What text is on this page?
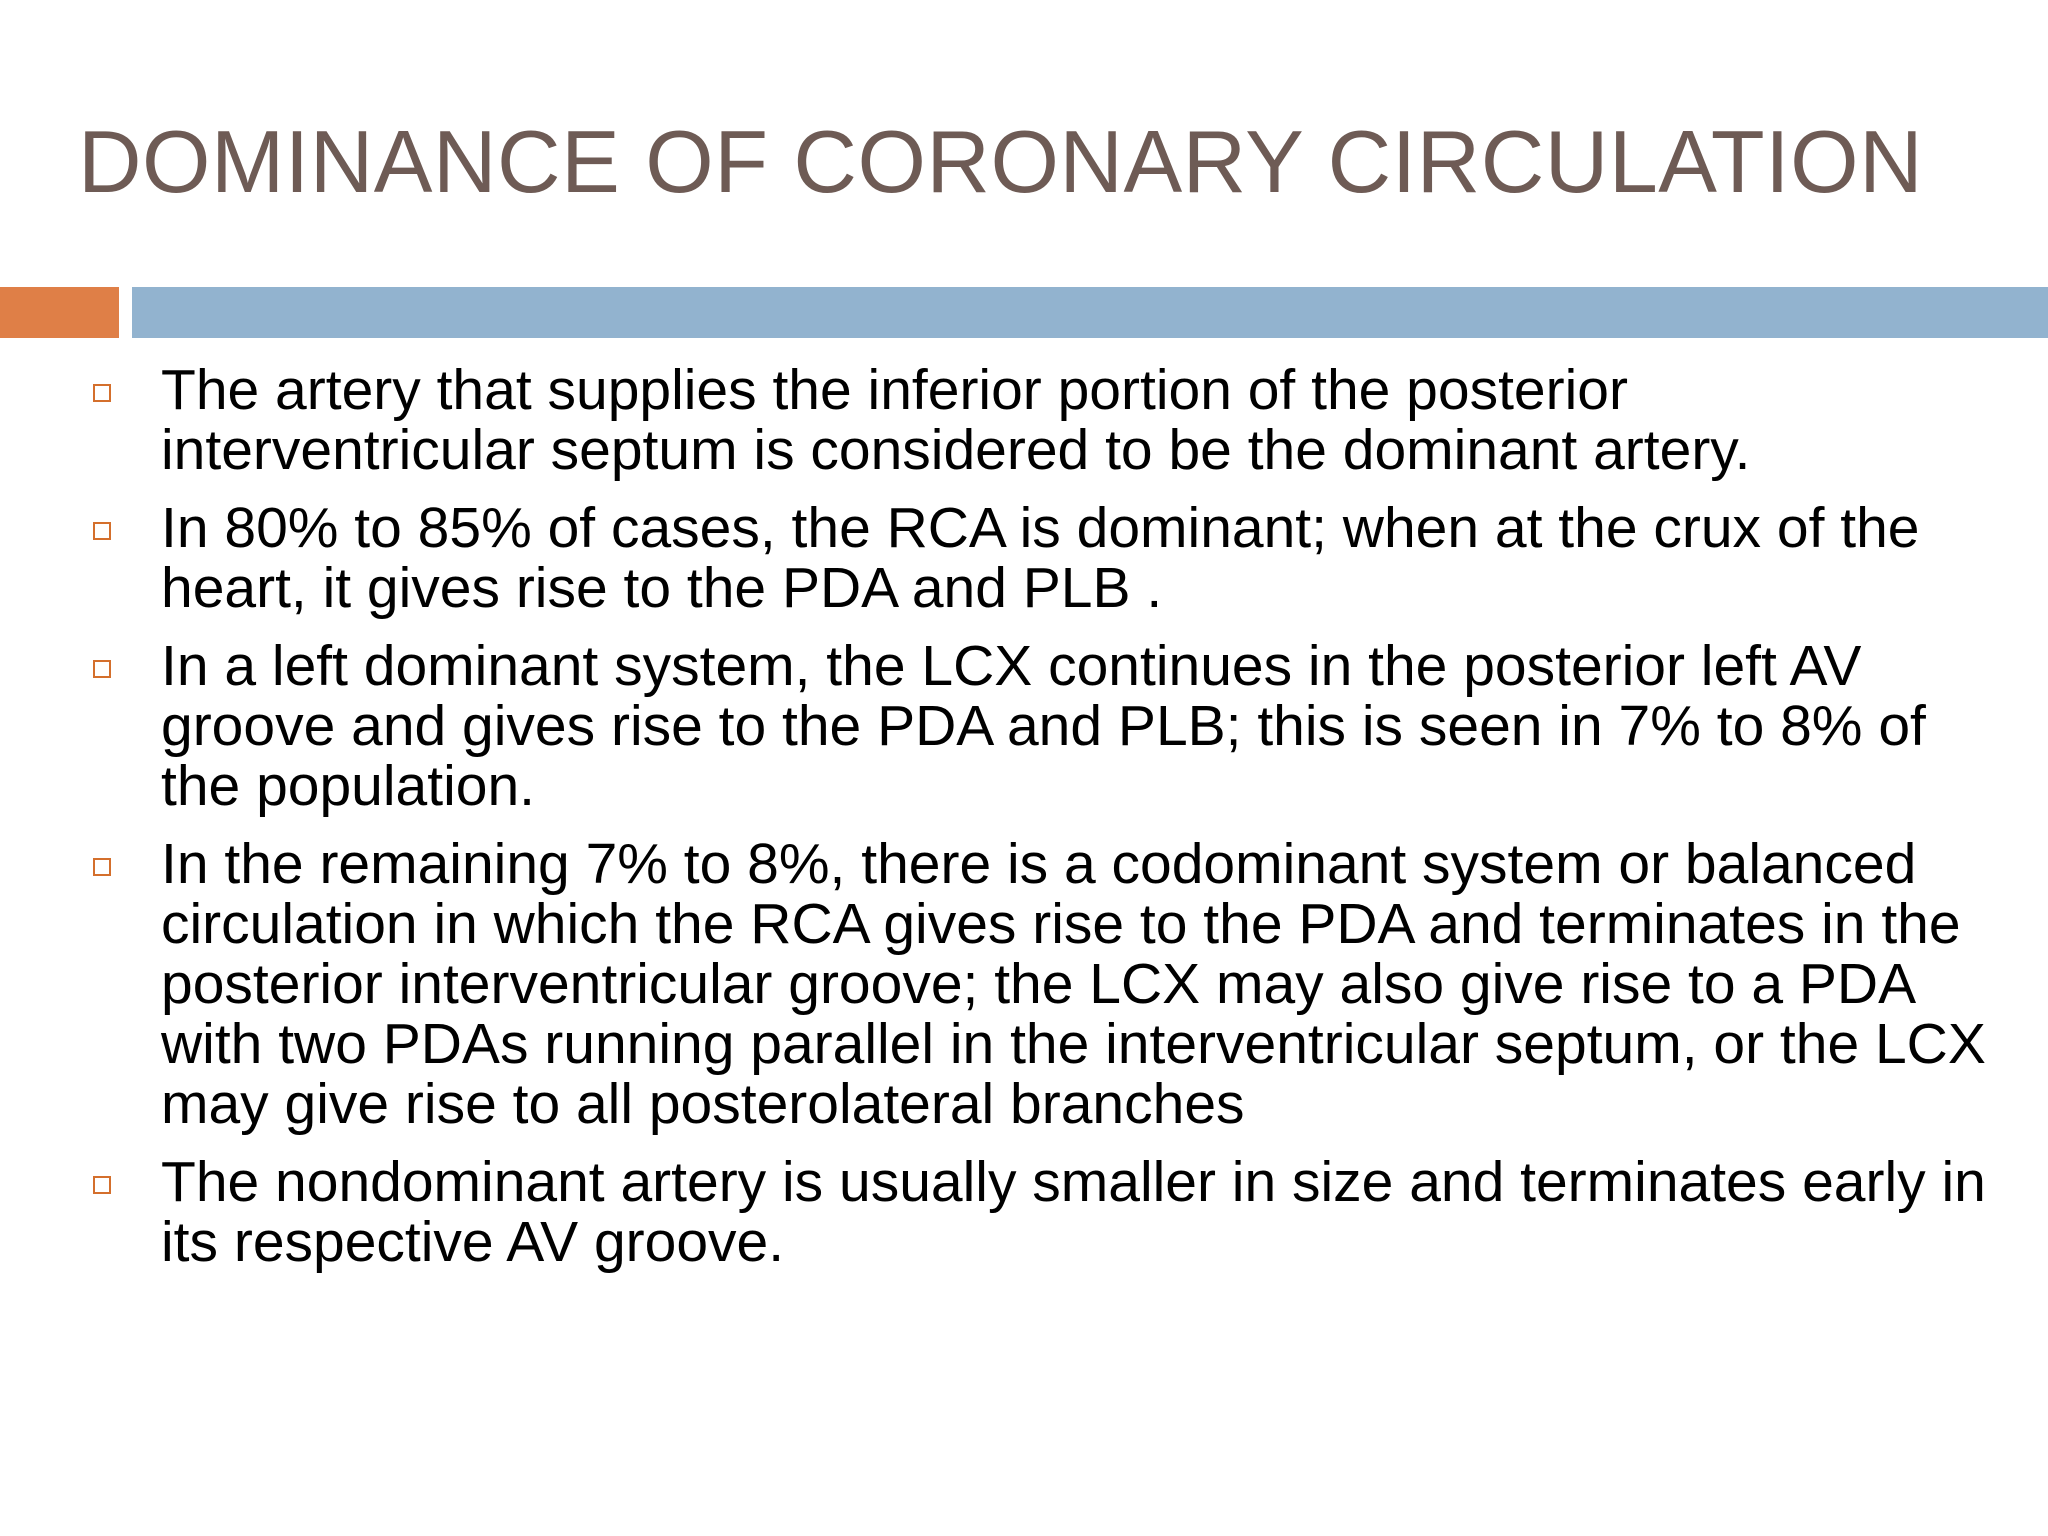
DOMINANCE OF CORONARY CIRCULATION
The artery that supplies the inferior portion of the posterior interventricular septum is considered to be the dominant artery.
In 80% to 85% of cases, the RCA is dominant; when at the crux of the heart, it gives rise to the PDA and PLB .
In a left dominant system, the LCX continues in the posterior left AV groove and gives rise to the PDA and PLB; this is seen in 7% to 8% of the population.
In the remaining 7% to 8%, there is a codominant system or balanced circulation in which the RCA gives rise to the PDA and terminates in the posterior interventricular groove; the LCX may also give rise to a PDA with two PDAs running parallel in the interventricular septum, or the LCX may give rise to all posterolateral branches
The nondominant artery is usually smaller in size and terminates early in its respective AV groove.
